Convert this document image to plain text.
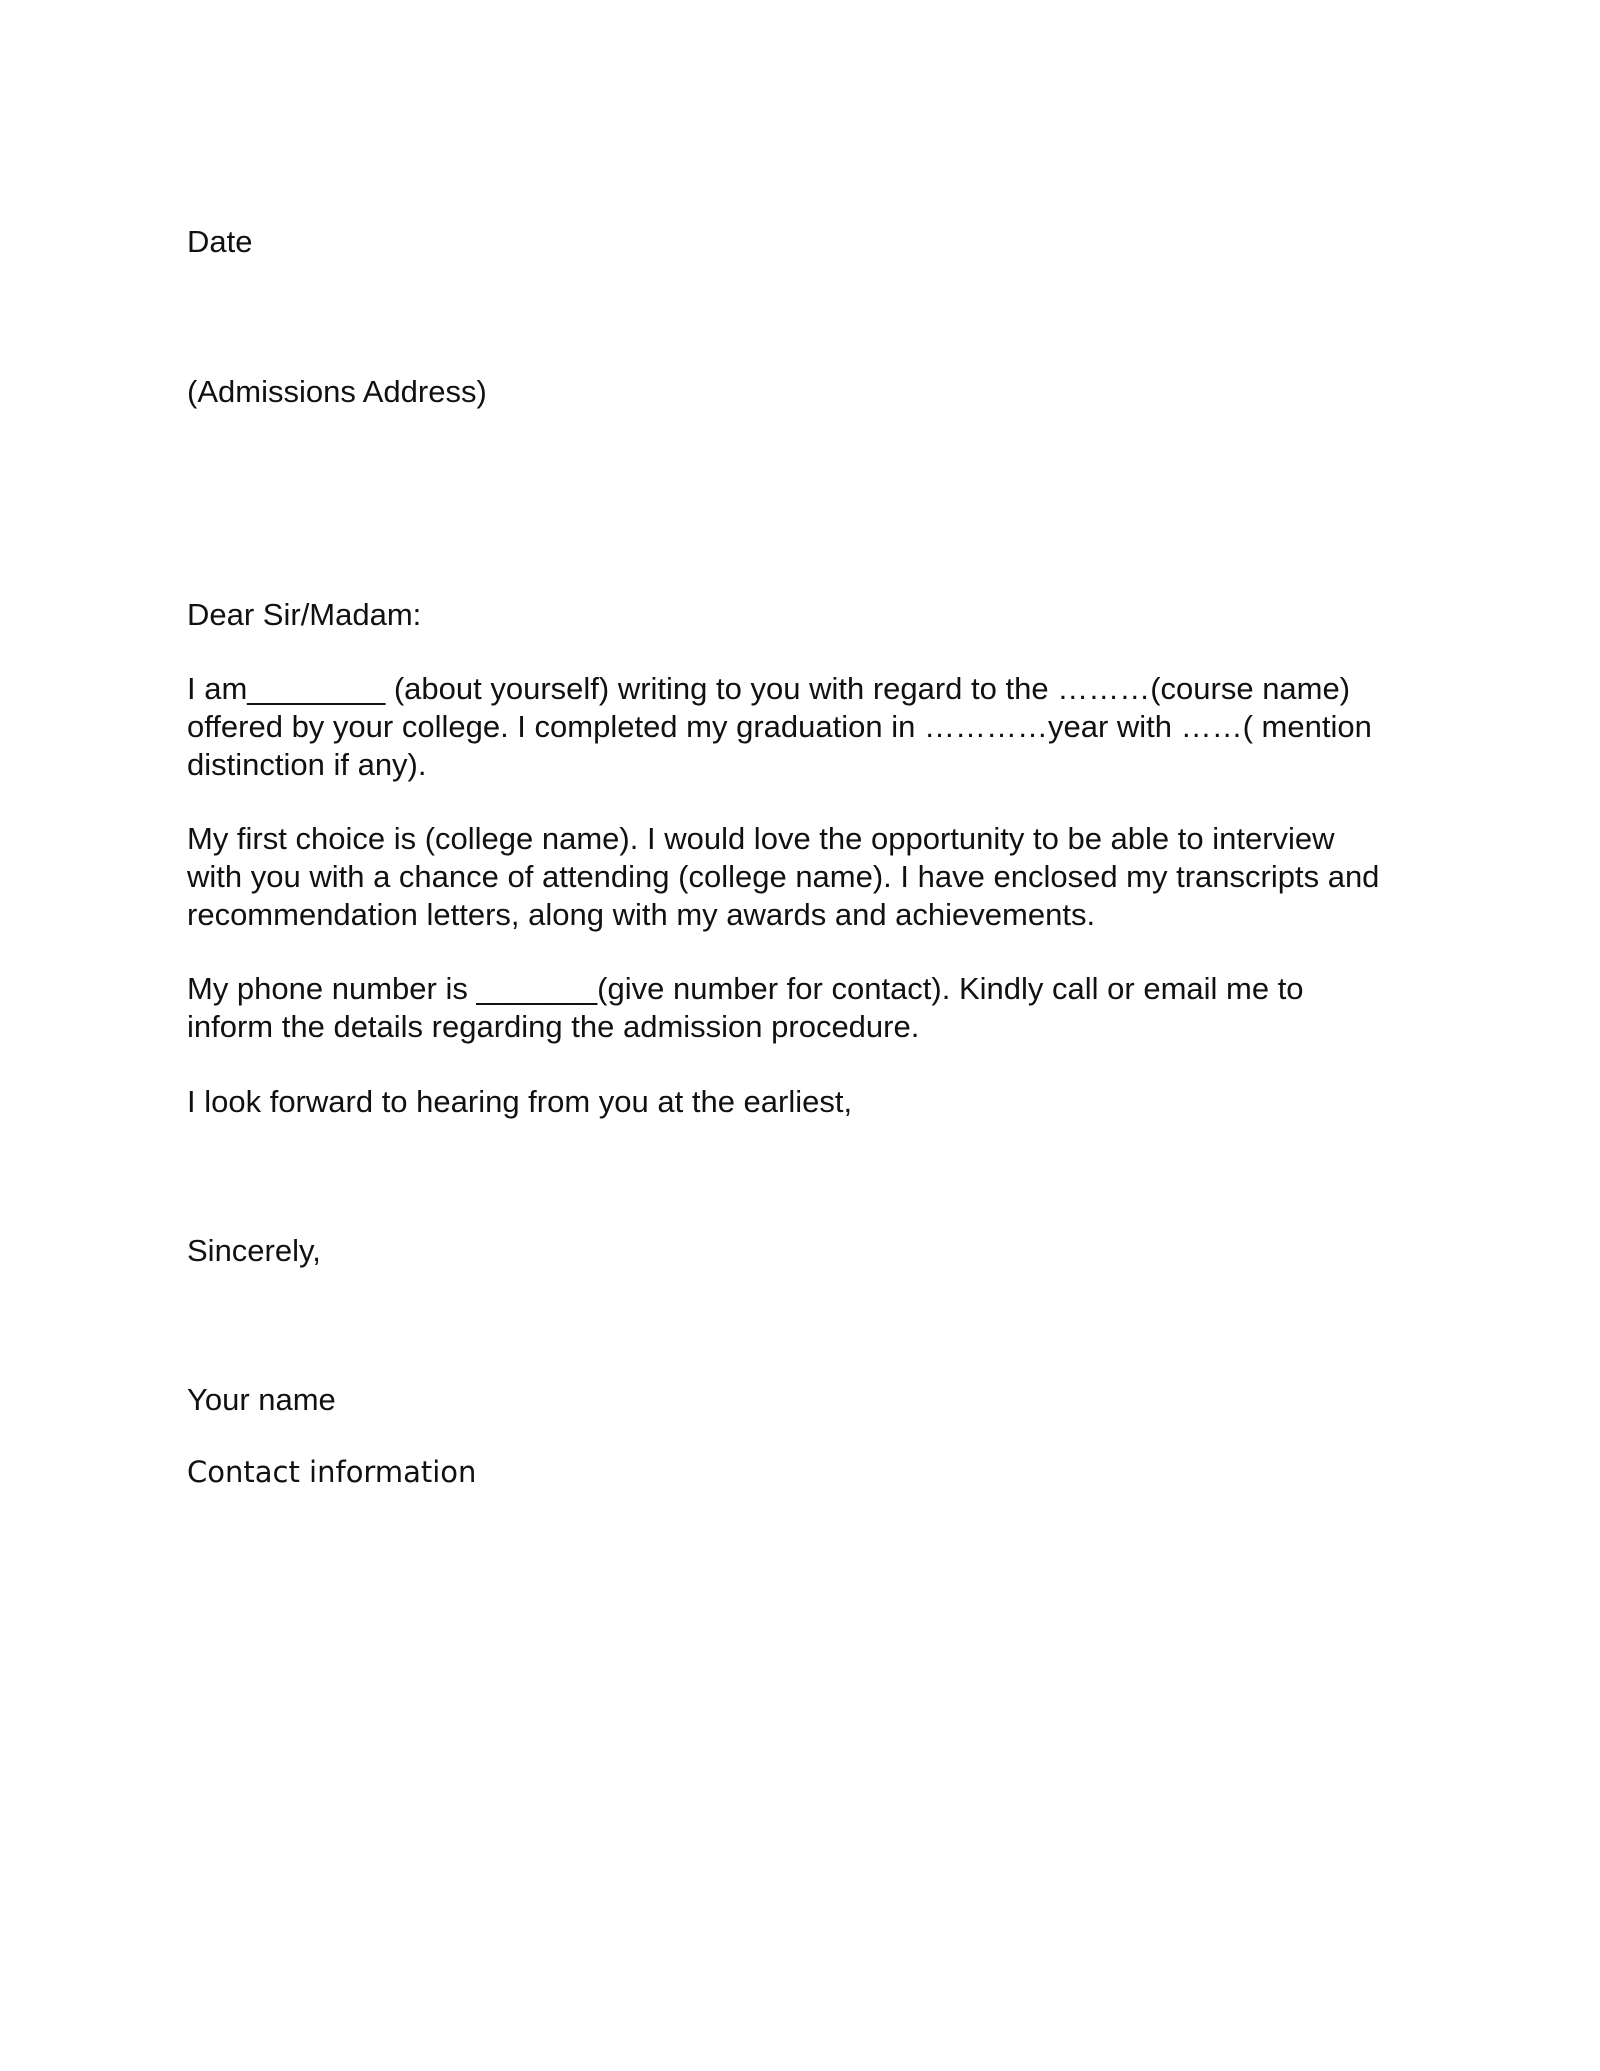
Date

(Admissions Address)

Dear Sir/Madam:

I am________ (about yourself) writing to you with regard to the ………(course name)
offered by your college. I completed my graduation in …………year with ……( mention
distinction if any).
My first choice is (college name). I would love the opportunity to be able to interview
with you with a chance of attending (college name). I have enclosed my transcripts and
recommendation letters, along with my awards and achievements.
My phone number is _______(give number for contact). Kindly call or email me to
inform the details regarding the admission procedure.

I look forward to hearing from you at the earliest,

Sincerely,

Your name

Contact information
